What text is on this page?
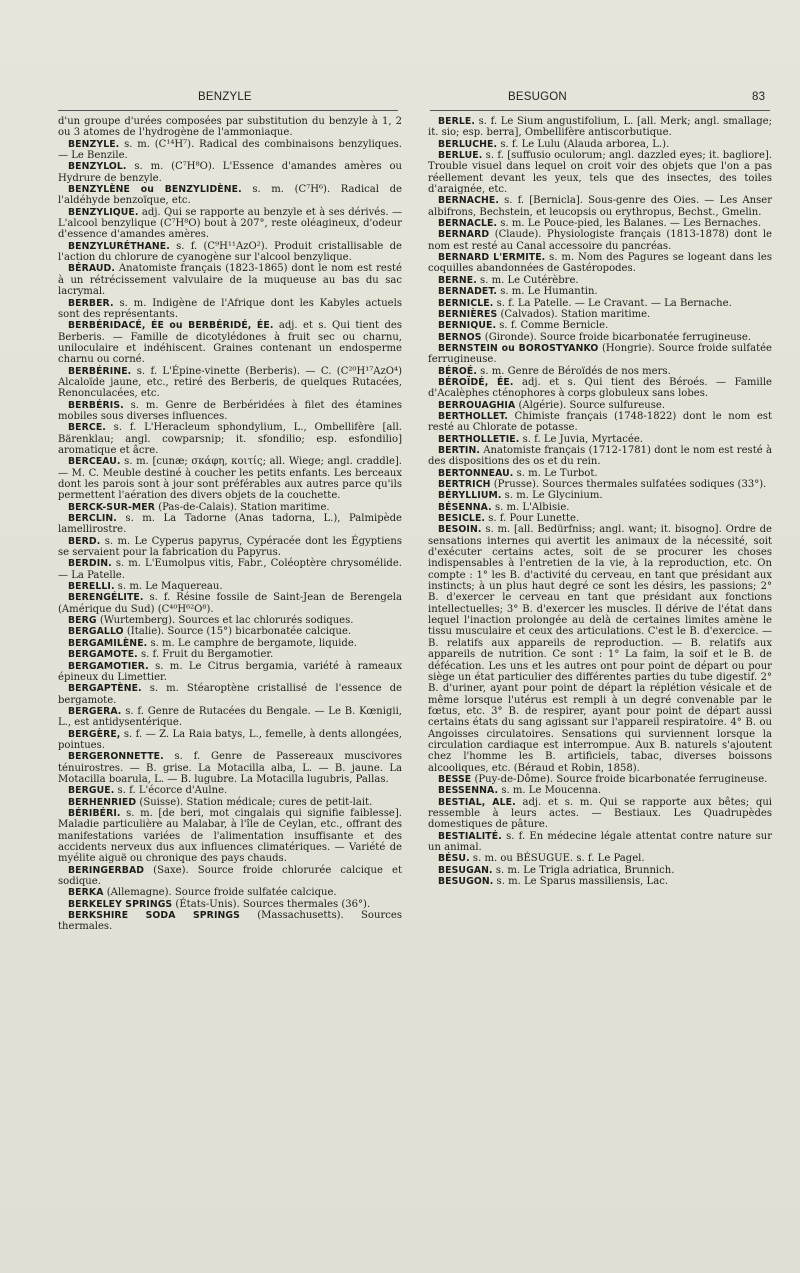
BENZYLE	BESUGON	83

d'un groupe d'urées composées par substitution du benzyle à 1, 2 ou 3 atomes de l'hydrogène de l'ammoniaque.

BENZYLE. s. m. (C¹⁴H⁷). Radical des combinaisons benzyliques. — Le Benzile.

BENZYLOL. s. m. (C⁷H⁸O). L'Essence d'amandes amères ou Hydrure de benzyle.

BENZYLÈNE ou BENZYLIDÈNE. s. m. (C⁷H⁶). Radical de l'aldéhyde benzoïque, etc.

BENZYLIQUE. adj. Qui se rapporte au benzyle et à ses dérivés. — L'alcool benzylique (C⁷H⁸O) bout à 207°, reste oléagineux, d'odeur d'essence d'amandes amères.

BENZYLURÉTHANE. s. f. (C⁹H¹¹AzO²). Produit cristallisable de l'action du chlorure de cyanogène sur l'alcool benzylique.

BÉRAUD. Anatomiste français (1823-1865) dont le nom est resté à un rétrécissement valvulaire de la muqueuse au bas du sac lacrymal.

BERBER. s. m. Indigène de l'Afrique dont les Kabyles actuels sont des représentants.

BERBÉRIDACÉ, ÉE ou BERBÉRIDÉ, ÉE. adj. et s. Qui tient des Berberis. — Famille de dicotylédones à fruit sec ou charnu, uniloculaire et indéhiscent. Graines contenant un endosperme charnu ou corné.

BERBÉRINE. s. f. L'Épine-vinette (Berberis). — C. (C²⁰H¹⁷AzO⁴) Alcaloïde jaune, etc., retiré des Berberis, de quelques Rutacées, Renonculacées, etc.

BERBÉRIS. s. m. Genre de Berbéridées à filet des étamines mobiles sous diverses influences.

BERCE. s. f. L'Heracleum sphondylium, L., Ombellifère [all. Bärenklau; angl. cowparsnip; it. sfondilio; esp. esfondilio] aromatique et âcre.

BERCEAU. s. m. [cunæ; σκάφη, κοιτίς; all. Wiege; angl. craddle]. — M. C. Meuble destiné à coucher les petits enfants. Les berceaux dont les parois sont à jour sont préférables aux autres parce qu'ils permettent l'aération des divers objets de la couchette.

BERCK-SUR-MER (Pas-de-Calais). Station maritime.

BERCLIN. s. m. La Tadorne (Anas tadorna, L.), Palmipède lamellirostre.

BERD. s. m. Le Cyperus papyrus, Cypéracée dont les Égyptiens se servaient pour la fabrication du Papyrus.

BERDIN. s. m. L'Eumolpus vitis, Fabr., Coléoptère chrysomélide. — La Patelle.

BERELLI. s. m. Le Maquereau.

BERENGÉLITE. s. f. Résine fossile de Saint-Jean de Berengela (Amérique du Sud) (C⁴⁰H⁶²O⁸).

BERG (Wurtemberg). Sources et lac chlorurés sodiques.

BERGALLO (Italie). Source (15°) bicarbonatée calcique.

BERGAMILÈNE. s. m. Le camphre de bergamote, liquide.

BERGAMOTE. s. f. Fruit du Bergamotier.

BERGAMOTIER. s. m. Le Citrus bergamia, variété à rameaux épineux du Limettier.

BERGAPTÈNE. s. m. Stéaroptène cristallisé de l'essence de bergamote.

BERGERA. s. f. Genre de Rutacées du Bengale. — Le B. Kœnigii, L., est antidysentérique.

BERGÈRE, s. f. — Z. La Raia batys, L., femelle, à dents allongées, pointues.

BERGERONNETTE. s. f. Genre de Passereaux muscivores ténuirostres. — B. grise. La Motacilla alba, L. — B. jaune. La Motacilla boarula, L. — B. lugubre. La Motacilla lugubris, Pallas.

BERGUE. s. f. L'écorce d'Aulne.

BERHENRIED (Suisse). Station médicale; cures de petit-lait.

BÉRIBÉRI. s. m. [de beri, mot cingalais qui signifie faiblesse]. Maladie particulière au Malabar, à l'île de Ceylan, etc., offrant des manifestations variées de l'alimentation insuffisante et des accidents nerveux dus aux influences climatériques. — Variété de myélite aiguë ou chronique des pays chauds.

BERINGERBAD (Saxe). Source froide chlorurée calcique et sodique.

BERKA (Allemagne). Source froide sulfatée calcique.

BERKELEY SPRINGS (États-Unis). Sources thermales (36°).

BERKSHIRE SODA SPRINGS (Massachusetts). Sources thermales.

BERLE. s. f. Le Sium angustifolium, L. [all. Merk; angl. smallage; it. sio; esp. berra], Ombellifère antiscorbutique.

BERLUCHE. s. f. Le Lulu (Alauda arborea, L.).

BERLUE. s. f. [suffusio oculorum; angl. dazzled eyes; it. bagliore]. Trouble visuel dans lequel on croit voir des objets que l'on a pas réellement devant les yeux, tels que des insectes, des toiles d'araignée, etc.

BERNACHE. s. f. [Bernicla]. Sous-genre des Oies. — Les Anser albifrons, Bechstein, et leucopsis ou erythropus, Bechst., Gmelin.

BERNACLE. s. m. Le Pouce-pied, les Balanes. — Les Bernaches.

BERNARD (Claude). Physiologiste français (1813-1878) dont le nom est resté au Canal accessoire du pancréas.

BERNARD L'ERMITE. s. m. Nom des Pagures se logeant dans les coquilles abandonnées de Gastéropodes.

BERNE. s. m. Le Cutérèbre.

BERNADET. s. m. Le Humantin.

BERNICLE. s. f. La Patelle. — Le Cravant. — La Bernache.

BERNIÈRES (Calvados). Station maritime.

BERNIQUE. s. f. Comme Bernicle.

BERNOS (Gironde). Source froide bicarbonatée ferrugineuse.

BERNSTEIN ou BOROSTYANKO (Hongrie). Source froide sulfatée ferrugineuse.

BÉROÉ. s. m. Genre de Béroïdés de nos mers.

BÉROÏDÉ, ÉE. adj. et s. Qui tient des Béroés. — Famille d'Acalèphes cténophores à corps globuleux sans lobes.

BERROUAGHIA (Algérie). Source sulfureuse.

BERTHOLLET. Chimiste français (1748-1822) dont le nom est resté au Chlorate de potasse.

BERTHOLLETIE. s. f. Le Juvia, Myrtacée.

BERTIN. Anatomiste français (1712-1781) dont le nom est resté à des dispositions des os et du rein.

BERTONNEAU. s. m. Le Turbot.

BERTRICH (Prusse). Sources thermales sulfatées sodiques (33°).

BÉRYLLIUM. s. m. Le Glycinium.

BÉSENNA. s. m. L'Albisie.

BESICLE. s. f. Pour Lunette.

BESOIN. s. m. [all. Bedürfniss; angl. want; it. bisogno]. Ordre de sensations internes qui avertit les animaux de la nécessité, soit d'exécuter certains actes, soit de se procurer les choses indispensables à l'entretien de la vie, à la reproduction, etc. On compte : 1° les B. d'activité du cerveau, en tant que présidant aux instincts; à un plus haut degré ce sont les désirs, les passions; 2° B. d'exercer le cerveau en tant que présidant aux fonctions intellectuelles; 3° B. d'exercer les muscles. Il dérive de l'état dans lequel l'inaction prolongée au delà de certaines limites amène le tissu musculaire et ceux des articulations. C'est le B. d'exercice. — B. relatifs aux appareils de reproduction. — B. relatifs aux appareils de nutrition. Ce sont : 1° La faim, la soif et le B. de défécation. Les uns et les autres ont pour point de départ ou pour siège un état particulier des différentes parties du tube digestif. 2° B. d'uriner, ayant pour point de départ la réplétion vésicale et de même lorsque l'utérus est rempli à un degré convenable par le fœtus, etc. 3° B. de respirer, ayant pour point de départ aussi certains états du sang agissant sur l'appareil respiratoire. 4° B. ou Angoisses circulatoires. Sensations qui surviennent lorsque la circulation cardiaque est interrompue. Aux B. naturels s'ajoutent chez l'homme les B. artificiels, tabac, diverses boissons alcooliques, etc. (Béraud et Robin, 1858).

BESSE (Puy-de-Dôme). Source froide bicarbonatée ferrugineuse.

BESSENNA. s. m. Le Moucenna.

BESTIAL, ALE. adj. et s. m. Qui se rapporte aux bêtes; qui ressemble à leurs actes. — Bestiaux. Les Quadrupèdes domestiques de pâture.

BESTIALITÉ. s. f. En médecine légale attentat contre nature sur un animal.

BÉSU. s. m. ou BÉSUGUE. s. f. Le Pagel.

BESUGAN. s. m. Le Trigla adriatica, Brunnich.

BESUGON. s. m. Le Sparus massiliensis, Lac.
